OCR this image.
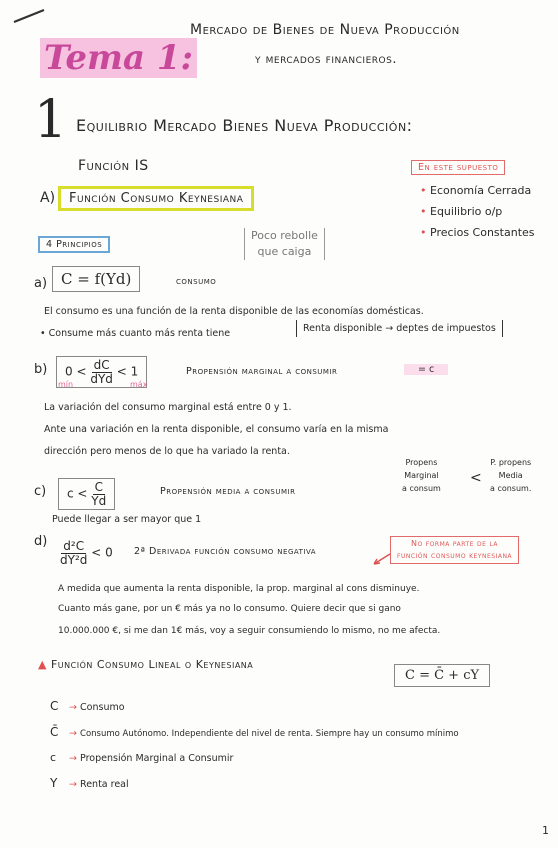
Tema 1:
Mercado de Bienes de Nueva Producción
y mercados financieros.
1 Equilibrio Mercado Bienes Nueva Producción:
Función IS	En este supuesto
• Economía Cerrada
• Equilibrio o/p
• Precios Constantes
A)	Función Consumo Keynesiana
4 Principios
Poco rebolle
que caiga
a) C = f(Yd)	consumo
El consumo es una función de la renta disponible de las economías domésticas.
• Consume más cuanto más renta tiene	Renta disponible → deptes de impuestos
b)	$0 < \frac{dC}{\text{dYd}} < 1$
mín	máx
Propensión marginal a consumir	= c
La variación del consumo marginal está entre 0 y 1.
Ante una variación en la renta disponible, el consumo varía en la misma
dirección pero menos de lo que ha variado la renta.
c)	$c < \frac{C}{Yd}$	Propensión media a consumir
Propens
Marginal
a consum
<
P. propens
Media
a consum.
Puede llegar a ser mayor que 1
$d) \frac{\text{d²C}}{\text{dY²d}} < 0$ 2ª Derivada función consumo negativa
No forma parte de la
función consumo keynesiana
A medida que aumenta la renta disponible, la prop. marginal al cons disminuye.
Cuanto más gane, por un € más ya no lo consumo. Quiere decir que si gano
10.000.000 €, si me dan 1€ más, voy a seguir consumiendo lo mismo, no me afecta.
▲ Función Consumo Lineal o Keynesiana
C = C̄ + cY
C → Consumo
C̄ → Consumo Autónomo. Independiente del nivel de renta. Siempre hay un consumo mínimo
c → Propensión Marginal a Consumir
Y → Renta real
1
